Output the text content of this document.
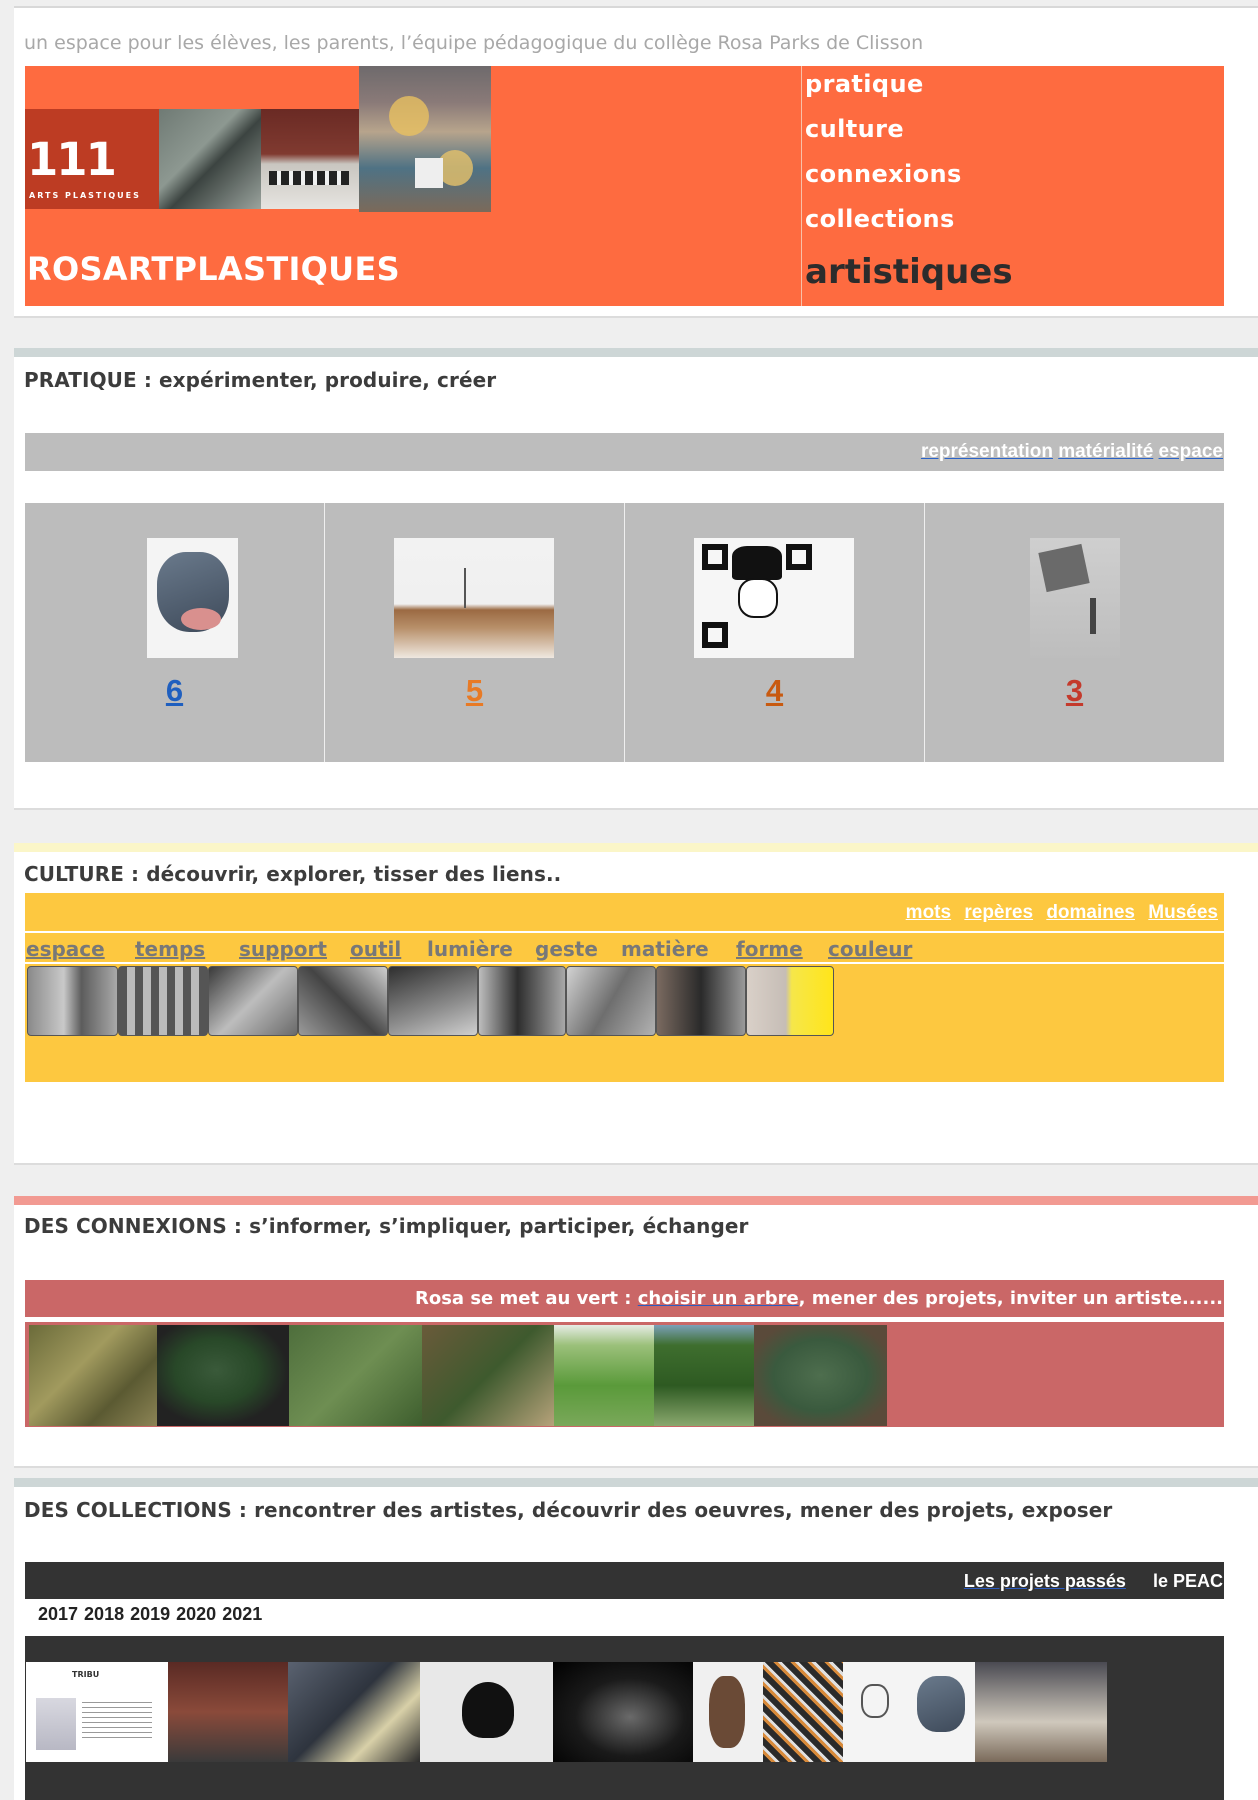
un espace pour les élèves, les parents, l’équipe pédagogique du collège Rosa Parks de Clisson
111
ARTS PLASTIQUES
ROSARTPLASTIQUES
pratique
culture
connexions
collections
artistiques
PRATIQUE : expérimenter, produire, créer
représentation matérialité espace
6	5	4	3
CULTURE : découvrir, explorer, tisser des liens..
mots repères domaines Musées
espace temps support outil lumière geste matière forme couleur
DES CONNEXIONS : s’informer, s’impliquer, participer, échanger
Rosa se met au vert : choisir un arbre, mener des projets, inviter un artiste......
DES COLLECTIONS : rencontrer des artistes, découvrir des oeuvres, mener des projets, exposer
Les projets passés le PEAC
2017 2018 2019 2020 2021
TRIBU
